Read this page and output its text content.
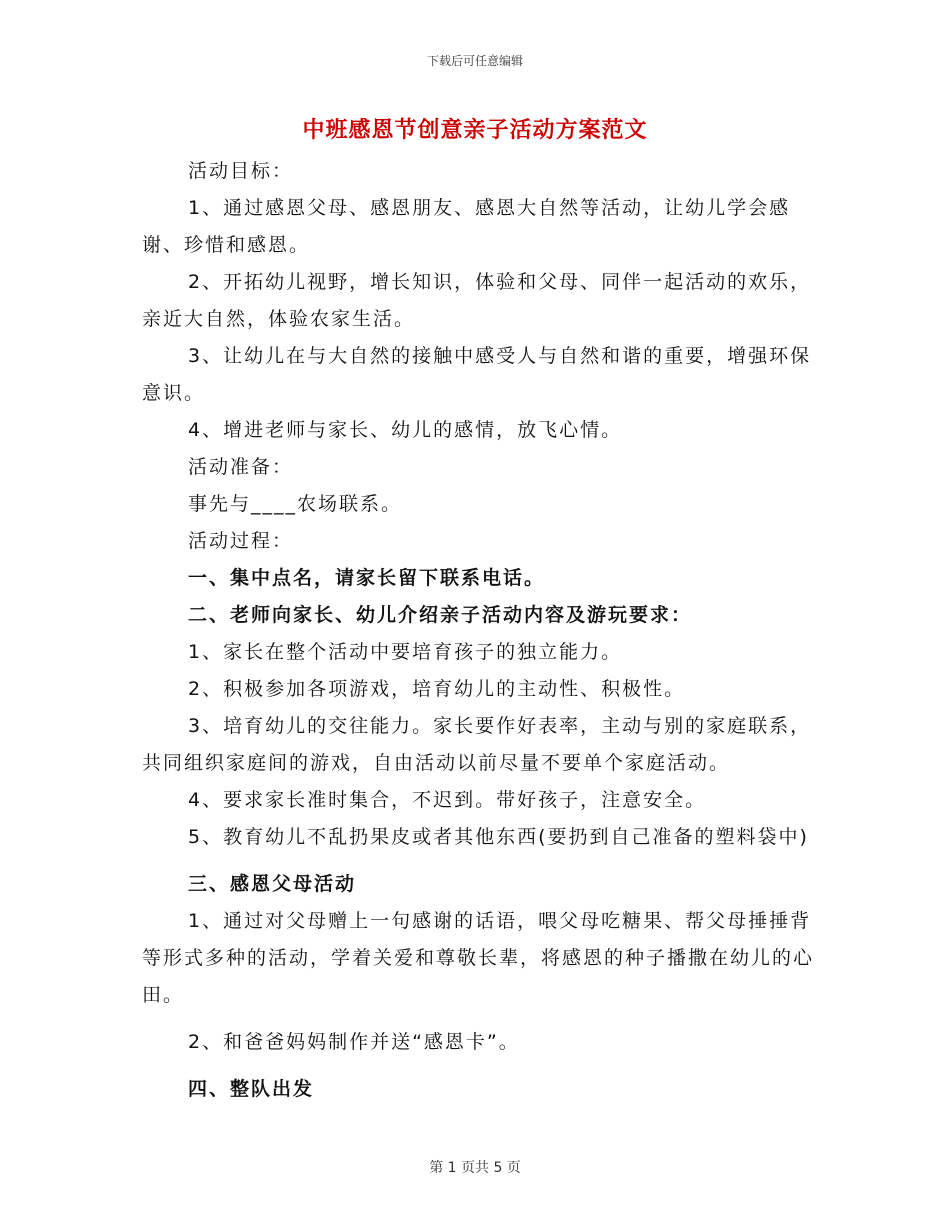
下载后可任意编辑
中班感恩节创意亲子活动方案范文

活动目标：

1、通过感恩父母、感恩朋友、感恩大自然等活动，让幼儿学会感谢、珍惜和感恩。

2、开拓幼儿视野，增长知识，体验和父母、同伴一起活动的欢乐，亲近大自然，体验农家生活。

3、让幼儿在与大自然的接触中感受人与自然和谐的重要，增强环保意识。

4、增进老师与家长、幼儿的感情，放飞心情。

活动准备：

事先与____农场联系。

活动过程：

一、集中点名，请家长留下联系电话。

二、老师向家长、幼儿介绍亲子活动内容及游玩要求：

1、家长在整个活动中要培育孩子的独立能力。

2、积极参加各项游戏，培育幼儿的主动性、积极性。

3、培育幼儿的交往能力。家长要作好表率，主动与别的家庭联系，共同组织家庭间的游戏，自由活动以前尽量不要单个家庭活动。

4、要求家长准时集合，不迟到。带好孩子，注意安全。

5、教育幼儿不乱扔果皮或者其他东西(要扔到自己准备的塑料袋中)

三、感恩父母活动

1、通过对父母赠上一句感谢的话语，喂父母吃糖果、帮父母捶捶背等形式多种的活动，学着关爱和尊敬长辈，将感恩的种子播撒在幼儿的心田。

2、和爸爸妈妈制作并送“感恩卡”。

四、整队出发

第 1 页共 5 页
